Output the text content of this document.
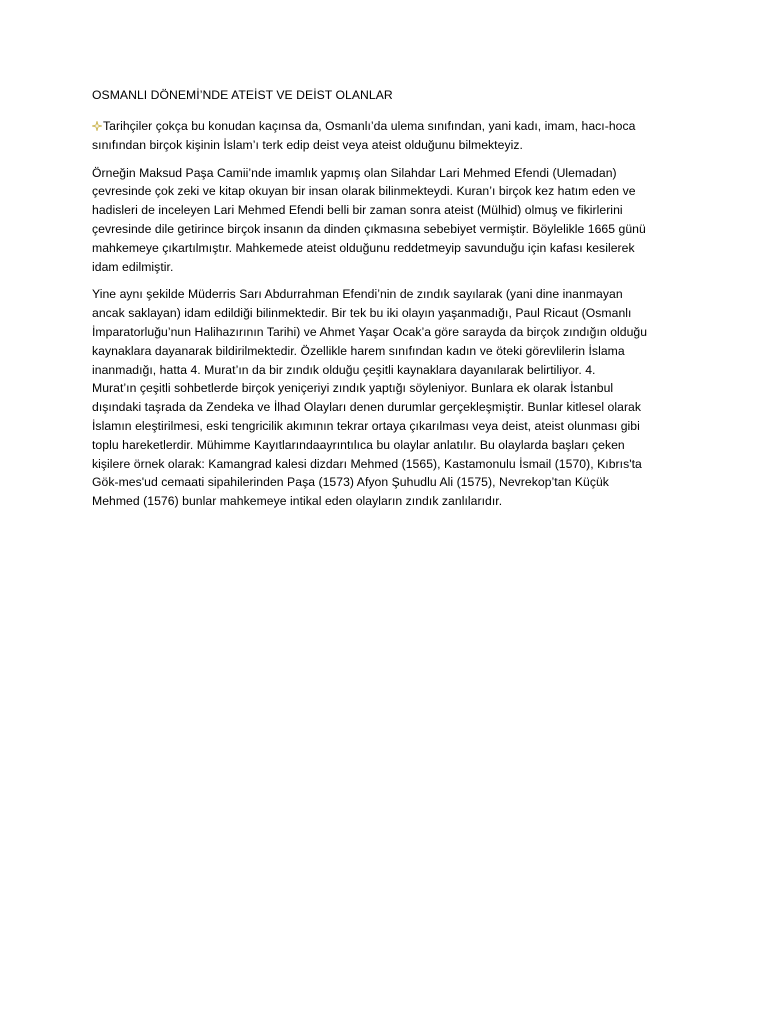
OSMANLI DÖNEMİ’NDE ATEİST VE DEİST OLANLAR
Tarihçiler çokça bu konudan kaçınsa da, Osmanlı’da ulema sınıfından, yani kadı, imam, hacı-hoca
sınıfından birçok kişinin İslam’ı terk edip deist veya ateist olduğunu bilmekteyiz.
Örneğin Maksud Paşa Camii’nde imamlık yapmış olan Silahdar Lari Mehmed Efendi (Ulemadan)
çevresinde çok zeki ve kitap okuyan bir insan olarak bilinmekteydi. Kuran’ı birçok kez hatım eden ve
hadisleri de inceleyen Lari Mehmed Efendi belli bir zaman sonra ateist (Mülhid) olmuş ve fikirlerini
çevresinde dile getirince birçok insanın da dinden çıkmasına sebebiyet vermiştir. Böylelikle 1665 günü
mahkemeye çıkartılmıştır. Mahkemede ateist olduğunu reddetmeyip savunduğu için kafası kesilerek
idam edilmiştir.
Yine aynı şekilde Müderris Sarı Abdurrahman Efendi’nin de zındık sayılarak (yani dine inanmayan
ancak saklayan) idam edildiği bilinmektedir. Bir tek bu iki olayın yaşanmadığı, Paul Ricaut (Osmanlı
İmparatorluğu’nun Halihazırının Tarihi) ve Ahmet Yaşar Ocak’a göre sarayda da birçok zındığın olduğu
kaynaklara dayanarak bildirilmektedir. Özellikle harem sınıfından kadın ve öteki görevlilerin İslama
inanmadığı, hatta 4. Murat’ın da bir zındık olduğu çeşitli kaynaklara dayanılarak belirtiliyor. 4.
Murat’ın çeşitli sohbetlerde birçok yeniçeriyi zındık yaptığı söyleniyor. Bunlara ek olarak İstanbul
dışındaki taşrada da Zendeka ve İlhad Olayları denen durumlar gerçekleşmiştir. Bunlar kitlesel olarak
İslamın eleştirilmesi, eski tengricilik akımının tekrar ortaya çıkarılması veya deist, ateist olunması gibi
toplu hareketlerdir. Mühimme Kayıtlarındaayrıntılıca bu olaylar anlatılır. Bu olaylarda başları çeken
kişilere örnek olarak: Kamangrad kalesi dizdarı Mehmed (1565), Kastamonulu İsmail (1570), Kıbrıs'ta
Gök-mes'ud cemaati sipahilerinden Paşa (1573) Afyon Şuhudlu Ali (1575), Nevrekop’tan Küçük
Mehmed (1576) bunlar mahkemeye intikal eden olayların zındık zanlılarıdır.
